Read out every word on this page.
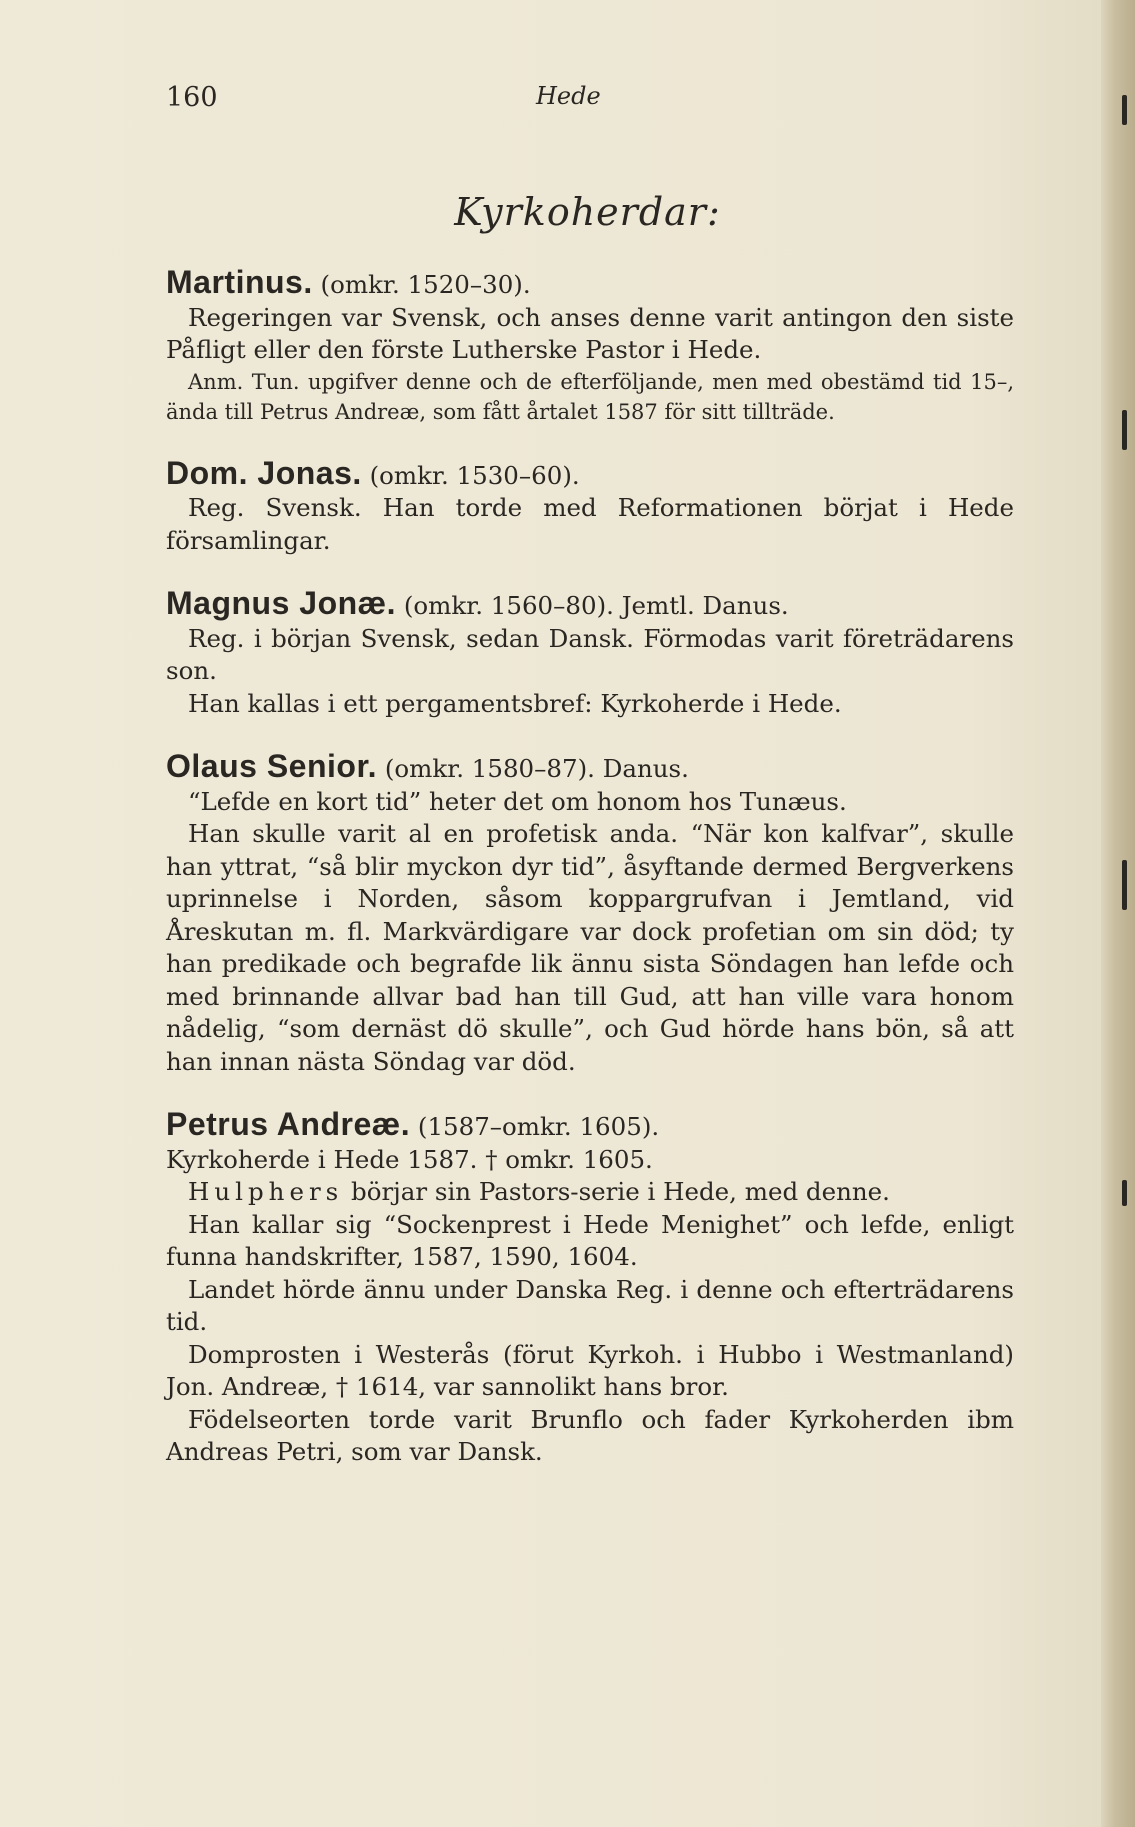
160	Hede
Kyrkoherdar:

Martinus. (omkr. 1520–30).

Regeringen var Svensk, och anses denne varit antingon den siste Påfligt eller den förste Lutherske Pastor i Hede.

Anm. Tun. upgifver denne och de efterföljande, men med obestämd tid 15–, ända till Petrus Andreæ, som fått årtalet 1587 för sitt tillträde.

Dom. Jonas. (omkr. 1530–60).

Reg. Svensk. Han torde med Reformationen börjat i Hede församlingar.

Magnus Jonæ. (omkr. 1560–80). Jemtl. Danus.

Reg. i början Svensk, sedan Dansk. Förmodas varit företrädarens son.

Han kallas i ett pergamentsbref: Kyrkoherde i Hede.

Olaus Senior. (omkr. 1580–87). Danus.

“Lefde en kort tid” heter det om honom hos Tunæus.

Han skulle varit al en profetisk anda. “När kon kalfvar”, skulle han yttrat, “så blir myckon dyr tid”, åsyftande dermed Bergverkens uprinnelse i Norden, såsom koppargrufvan i Jemtland, vid Åreskutan m. fl. Markvärdigare var dock profetian om sin död; ty han predikade och begrafde lik ännu sista Söndagen han lefde och med brinnande allvar bad han till Gud, att han ville vara honom nådelig, “som dernäst dö skulle”, och Gud hörde hans bön, så att han innan nästa Söndag var död.

Petrus Andreæ. (1587–omkr. 1605).

Kyrkoherde i Hede 1587. † omkr. 1605.

Hulphers börjar sin Pastors-serie i Hede, med denne.

Han kallar sig “Sockenprest i Hede Menighet” och lefde, enligt funna handskrifter, 1587, 1590, 1604.

Landet hörde ännu under Danska Reg. i denne och efterträdarens tid.

Domprosten i Westerås (förut Kyrkoh. i Hubbo i Westmanland) Jon. Andreæ, † 1614, var sannolikt hans bror.

Födelseorten torde varit Brunflo och fader Kyrkoherden ibm Andreas Petri, som var Dansk.
